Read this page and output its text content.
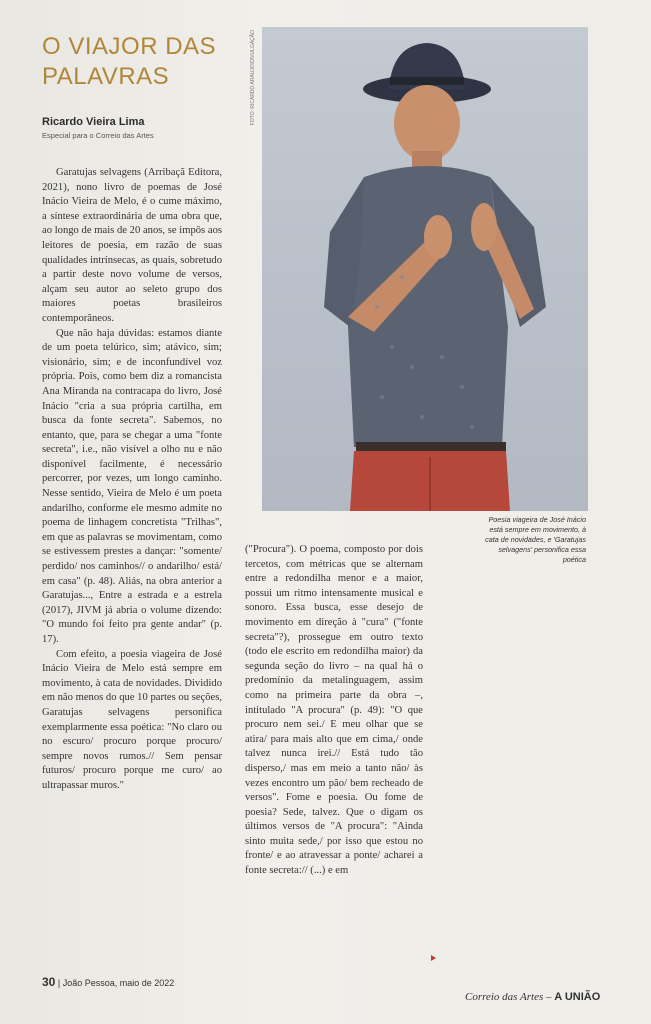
O VIAJOR DAS PALAVRAS
Ricardo Vieira Lima
Especial para o Correio das Artes

Garatujas selvagens (Arribaçã Editora, 2021), nono livro de poemas de José Inácio Vieira de Melo, é o cume máximo, a síntese extraordinária de uma obra que, ao longo de mais de 20 anos, se impôs aos leitores de poesia, em razão de suas qualidades intrínsecas, as quais, sobretudo a partir deste novo volume de versos, alçam seu autor ao seleto grupo dos maiores poetas brasileiros contemporâneos.

Que não haja dúvidas: estamos diante de um poeta telúrico, sim; atávico, sim; visionário, sim; e de inconfundível voz própria. Pois, como bem diz a romancista Ana Miranda na contracapa do livro, José Inácio "cria a sua própria cartilha, em busca da fonte secreta". Sabemos, no entanto, que, para se chegar a uma "fonte secreta", i.e., não visível a olho nu e não disponível facilmente, é necessário percorrer, por vezes, um longo caminho. Nesse sentido, Vieira de Melo é um poeta andarilho, conforme ele mesmo admite no poema de linhagem concretista "Trilhas", em que as palavras se movimentam, como se estivessem prestes a dançar: "somente/ perdido/ nos caminhos// o andarilho/ está/ em casa" (p. 48). Aliás, na obra anterior a Garatujas..., Entre a estrada e a estrela (2017), JIVM já abria o volume dizendo: "O mundo foi feito pra gente andar" (p. 17).

Com efeito, a poesia viageira de José Inácio Vieira de Melo está sempre em movimento, à cata de novidades. Dividido em não menos do que 10 partes ou seções, Garatujas selvagens personifica exemplarmente essa poética: "No claro ou no escuro/ procuro porque procuro/ sempre novos rumos.// Sem pensar futuros/ procuro porque me curo/ ao ultrapassar muros."

FOTO: RICARDO ARAUJO/DIVULGAÇÃO
Poesia viageira de José Inácio está sempre em movimento, à cata de novidades, e 'Garatujas selvagens' personifica essa poética

("Procura"). O poema, composto por dois tercetos, com métricas que se alternam entre a redondilha menor e a maior, possui um ritmo intensamente musical e sonoro. Essa busca, esse desejo de movimento em direção à "cura" ("fonte secreta"?), prossegue em outro texto (todo ele escrito em redondilha maior) da segunda seção do livro – na qual há o predomínio da metalinguagem, assim como na primeira parte da obra –, intitulado "A procura" (p. 49): "O que procuro nem sei./ E meu olhar que se atira/ para mais alto que em cima,/ onde talvez nunca irei.// Está tudo tão disperso,/ mas em meio a tanto não/ às vezes encontro um pão/ bem recheado de versos". Fome e poesia. Ou fome de poesia? Sede, talvez. Que o digam os últimos versos de "A procura": "Ainda sinto muita sede,/ por isso que estou no fronte/ e ao atravessar a ponte/ acharei a fonte secreta:// (...) e em

30 | João Pessoa, maio de 2022
Correio das Artes – A UNIÃO
